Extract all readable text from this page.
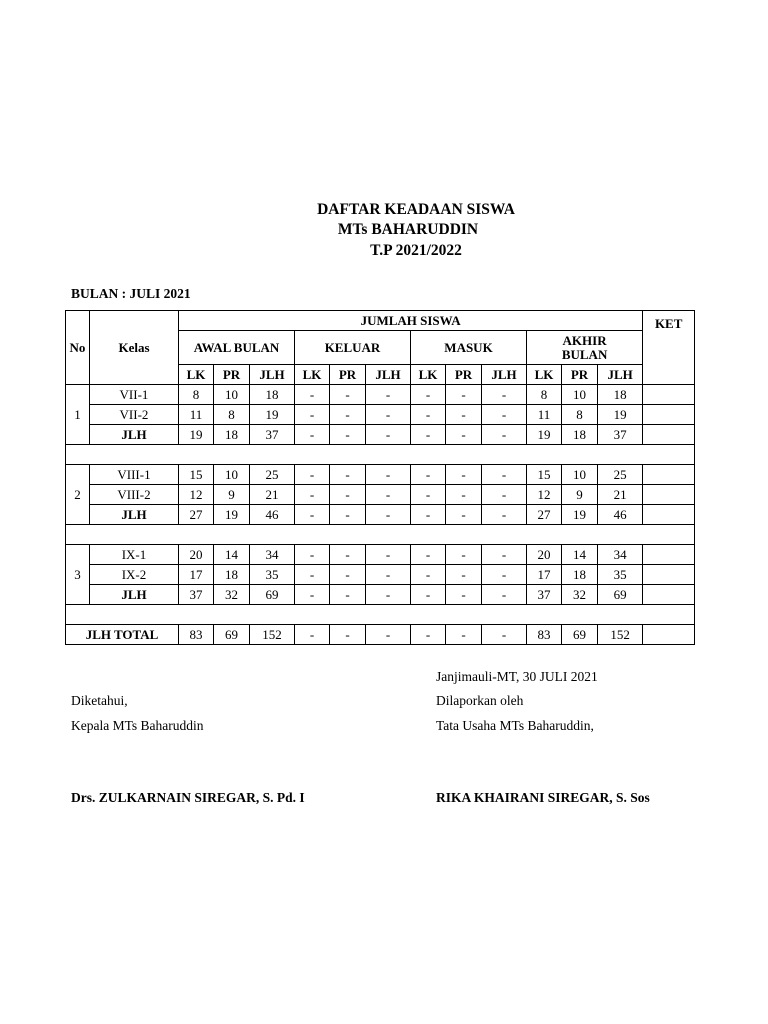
DAFTAR KEADAAN SISWA
MTs BAHARUDDIN
T.P 2021/2022
BULAN : JULI 2021
No	Kelas	JUMLAH SISWA												KET
		AWAL BULAN			KELUAR			MASUK			AKHIR BULAN			
		LK	PR	JLH	LK	PR	JLH	LK	PR	JLH	LK	PR	JLH	
1	VII-1	8	10	18	-	-	-	-	-	-	8	10	18	
	VII-2	11	8	19	-	-	-	-	-	-	11	8	19	
	JLH	19	18	37	-	-	-	-	-	-	19	18	37	

2	VIII-1	15	10	25	-	-	-	-	-	-	15	10	25	
	VIII-2	12	9	21	-	-	-	-	-	-	12	9	21	
	JLH	27	19	46	-	-	-	-	-	-	27	19	46	

3	IX-1	20	14	34	-	-	-	-	-	-	20	14	34	
	IX-2	17	18	35	-	-	-	-	-	-	17	18	35	
	JLH	37	32	69	-	-	-	-	-	-	37	32	69	

JLH TOTAL		83	69	152	-	-	-	-	-	-	83	69	152	
Janjimauli-MT, 30 JULI 2021
Diketahui,	Dilaporkan oleh
Kepala MTs Baharuddin	Tata Usaha MTs Baharuddin,
Drs. ZULKARNAIN SIREGAR, S. Pd. I	RIKA KHAIRANI SIREGAR, S. Sos
